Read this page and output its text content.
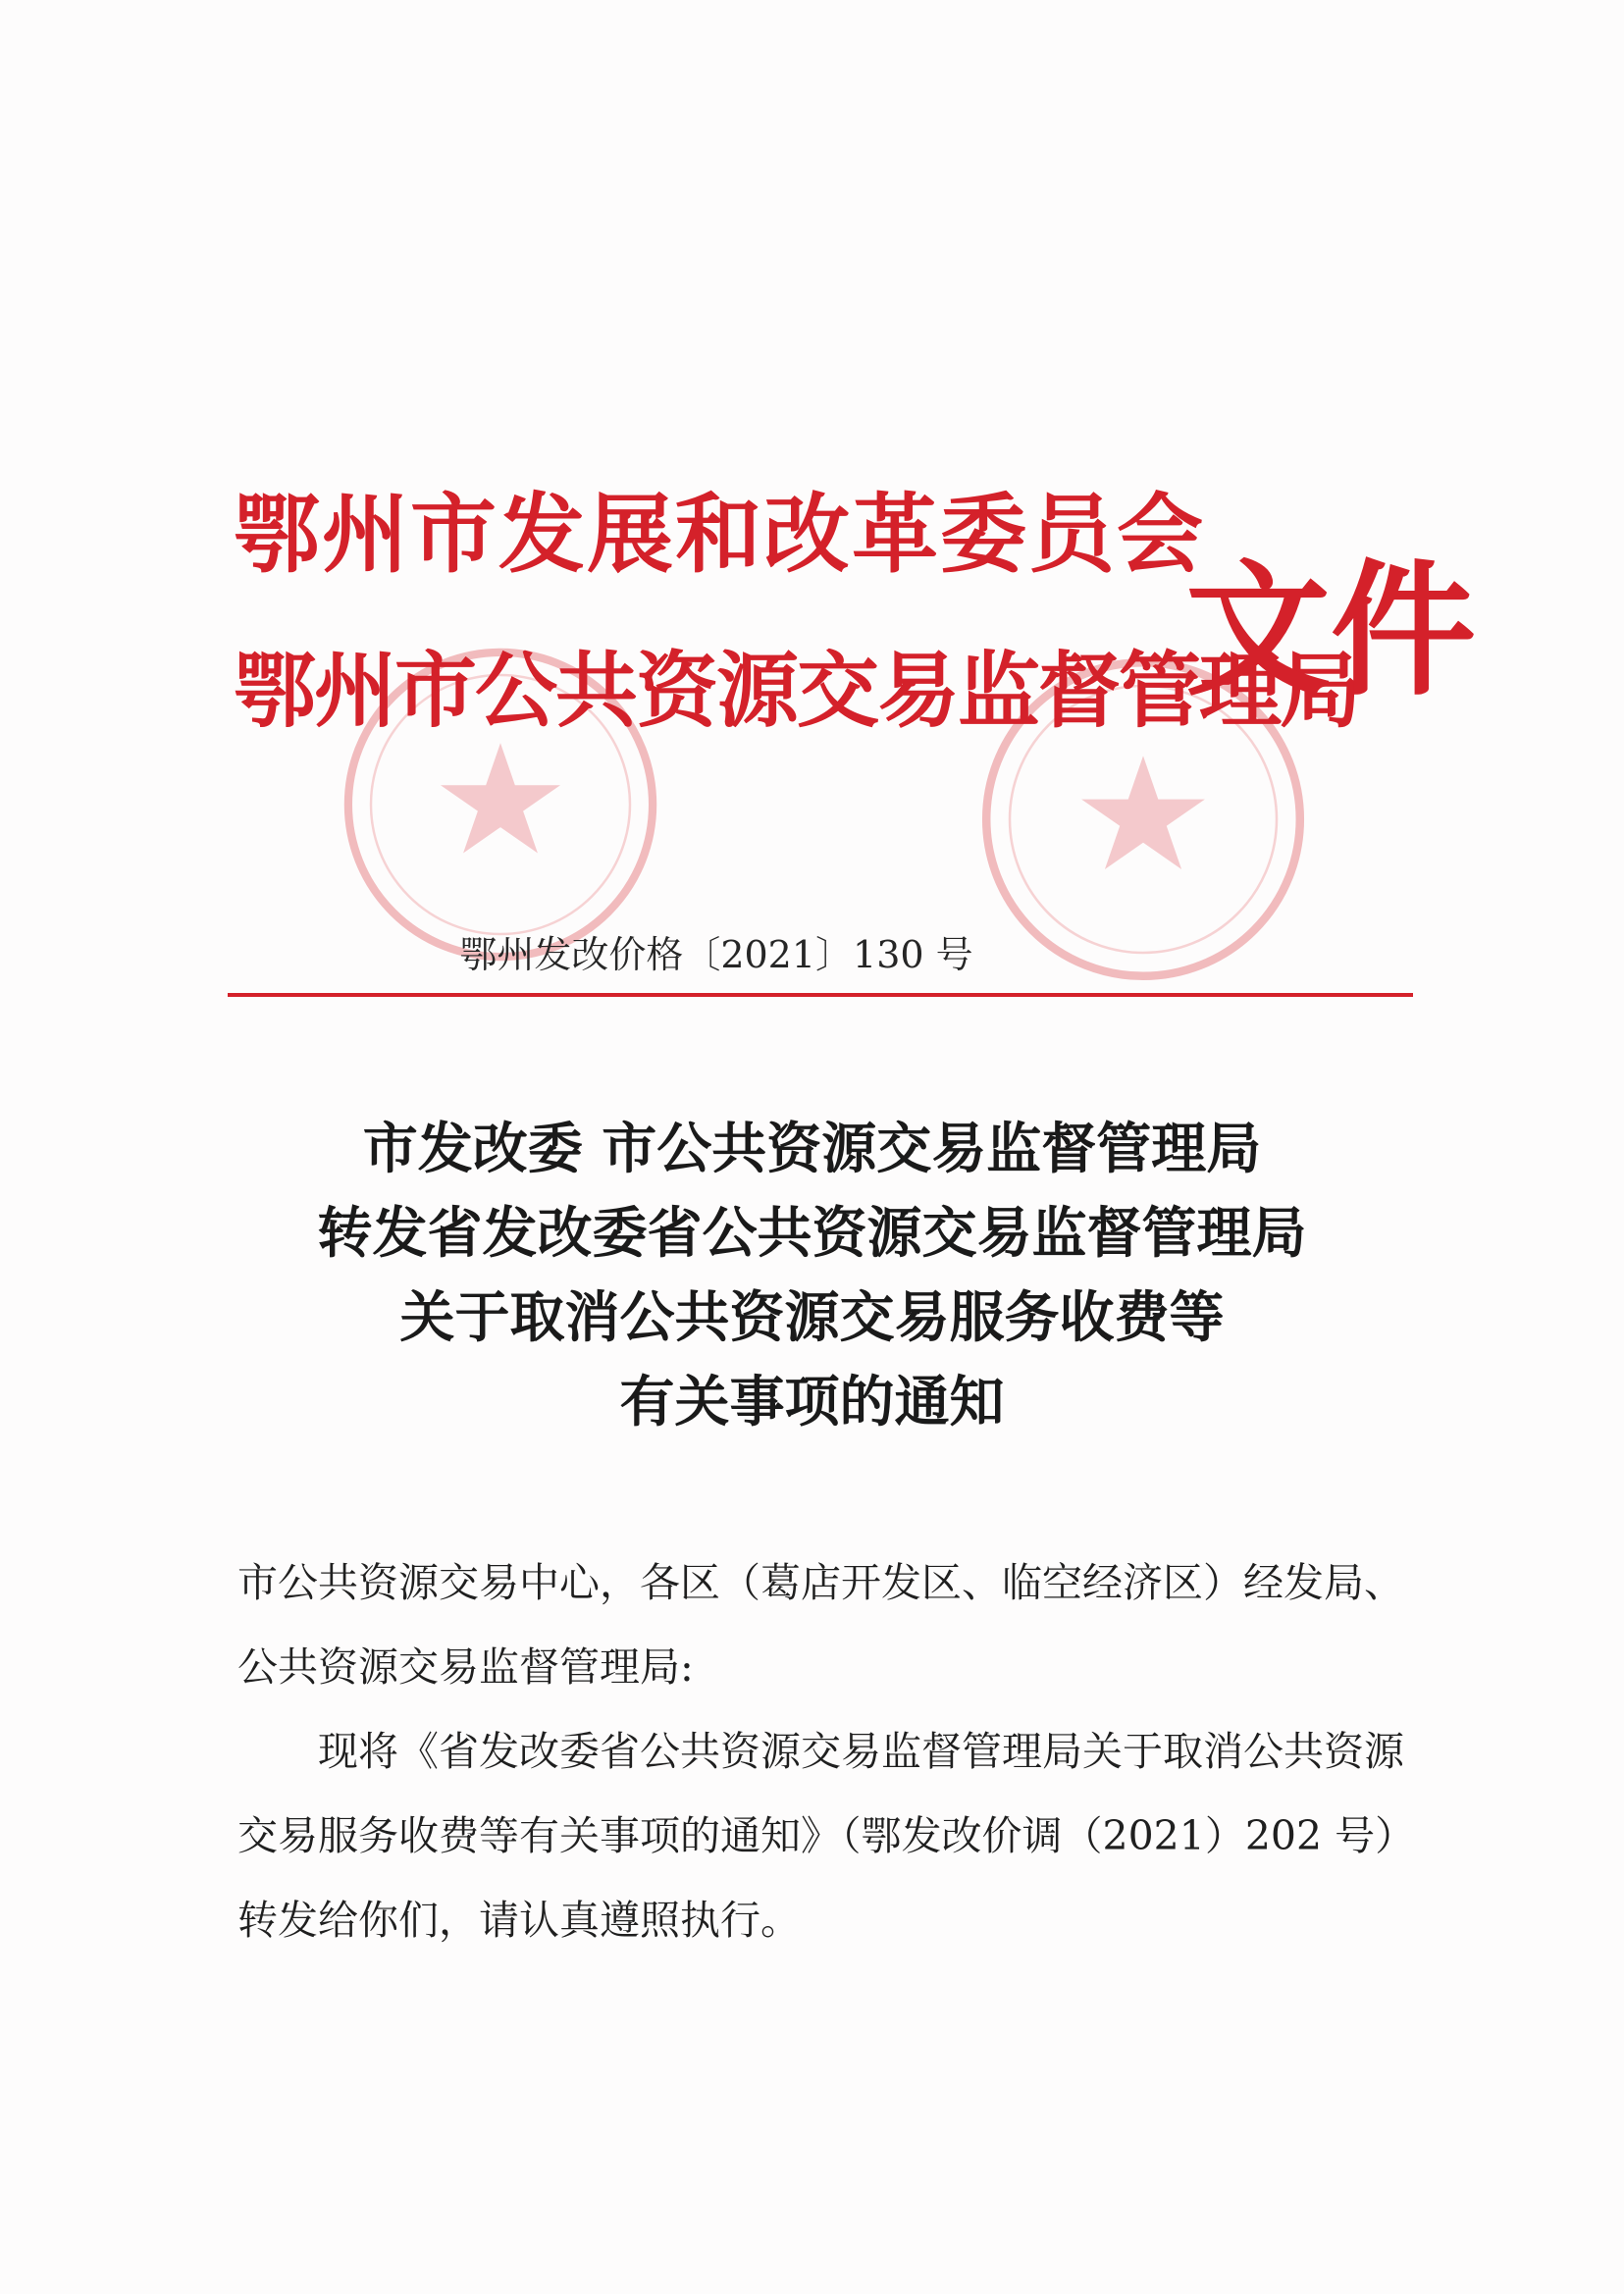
鄂州市发展和改革委员会
鄂州市公共资源交易监督管理局
文件
鄂州发改价格〔2021〕130 号
市发改委 市公共资源交易监督管理局
转发省发改委省公共资源交易监督管理局
关于取消公共资源交易服务收费等
有关事项的通知

市公共资源交易中心，各区（葛店开发区、临空经济区）经发局、公共资源交易监督管理局:

现将《省发改委省公共资源交易监督管理局关于取消公共资源交易服务收费等有关事项的通知》（鄂发改价调（2021）202 号）转发给你们，请认真遵照执行。
